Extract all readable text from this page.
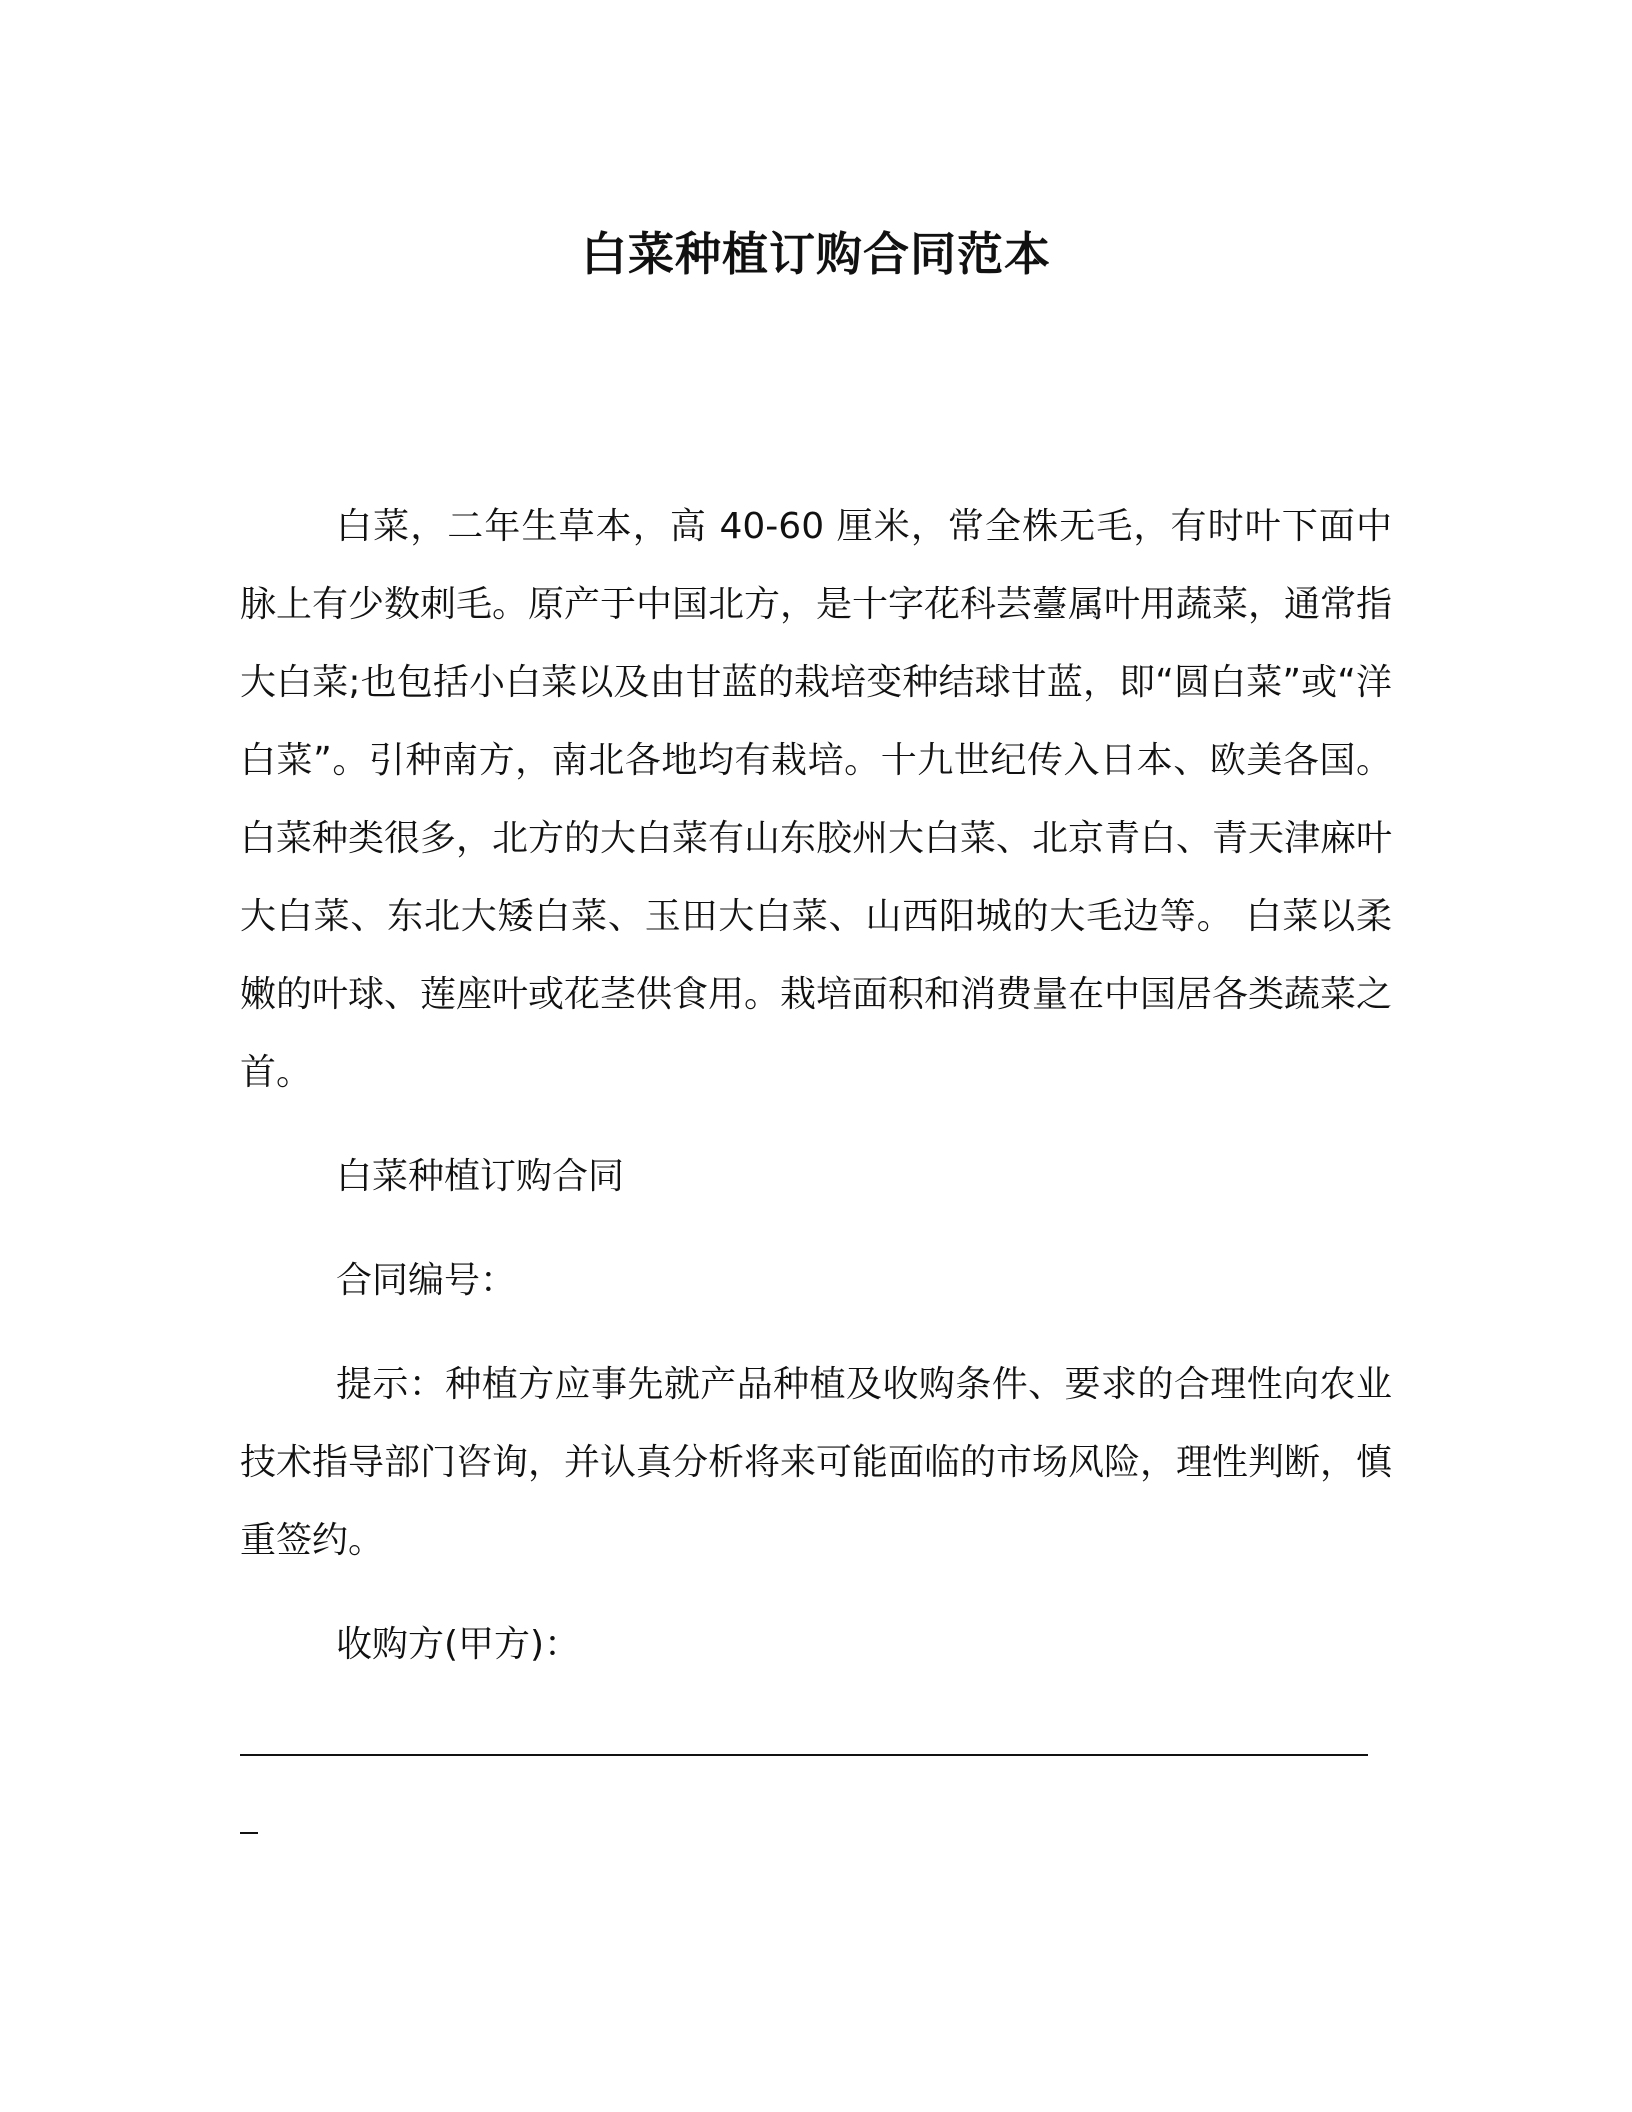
白菜种植订购合同范本

白菜，二年生草本，高 40-60 厘米，常全株无毛，有时叶下面中脉上有少数刺毛。原产于中国北方，是十字花科芸薹属叶用蔬菜，通常指大白菜;也包括小白菜以及由甘蓝的栽培变种结球甘蓝，即“圆白菜”或“洋白菜”。引种南方，南北各地均有栽培。十九世纪传入日本、欧美各国。白菜种类很多，北方的大白菜有山东胶州大白菜、北京青白、青天津麻叶大白菜、东北大矮白菜、玉田大白菜、山西阳城的大毛边等。 白菜以柔嫩的叶球、莲座叶或花茎供食用。栽培面积和消费量在中国居各类蔬菜之首。

白菜种植订购合同

合同编号：

提示：种植方应事先就产品种植及收购条件、要求的合理性向农业技术指导部门咨询，并认真分析将来可能面临的市场风险，理性判断，慎重签约。

收购方(甲方)：
